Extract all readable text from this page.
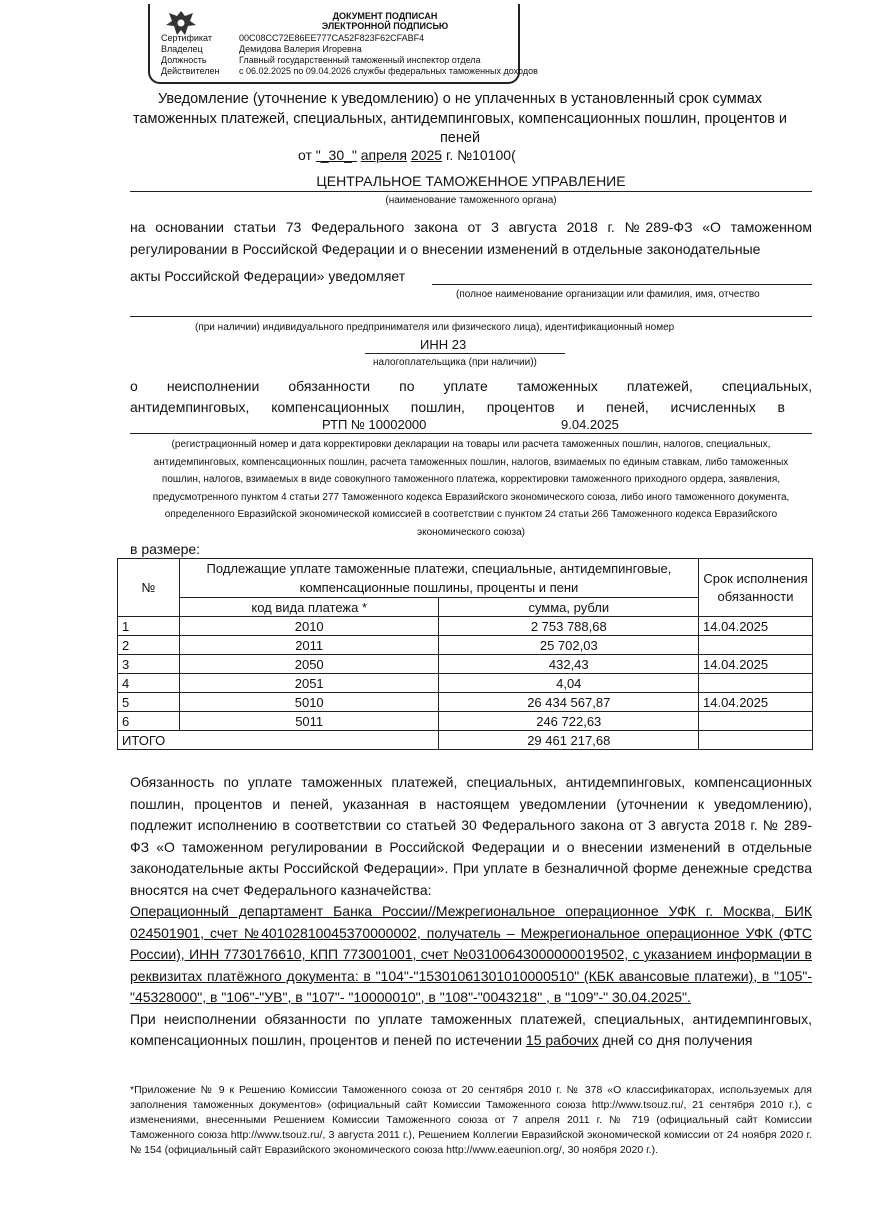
ДОКУМЕНТ ПОДПИСАН
ЭЛЕКТРОННОЙ ПОДПИСЬЮ
Сертификат	00C08CC72E86EE777CA52F823F62CFABF4
Владелец	Демидова Валерия Игоревна
Должность	Главный государственный таможенный инспектор отдела
Действителен с 06.02.2025 по 09.04.2026 службы федеральных таможенных доходов
Уведомление (уточнение к уведомлению) о не уплаченных в установленный срок суммах таможенных платежей, специальных, антидемпинговых, компенсационных пошлин, процентов и пеней
от "_30_" апреля 2025 г. №10100(
ЦЕНТРАЛЬНОЕ ТАМОЖЕННОЕ УПРАВЛЕНИЕ
(наименование таможенного органа)
на основании статьи 73 Федерального закона от 3 августа 2018 г. №289-ФЗ «О таможенном
регулировании в Российской Федерации и о внесении изменений в отдельные законодательные
акты Российской Федерации» уведомляет
(полное наименование организации или фамилия, имя, отчество
(при наличии) индивидуального предпринимателя или физического лица), идентификационный номер
ИНН 23
налогоплательщика (при наличии))
о неисполнении обязанности по уплате таможенных платежей, специальных,
антидемпинговых, компенсационных пошлин, процентов и пеней, исчисленных в
РТП № 10002000	9.04.2025
(регистрационный номер и дата корректировки декларации на товары или расчета таможенных пошлин, налогов, специальных, антидемпинговых, компенсационных пошлин, расчета таможенных пошлин, налогов, взимаемых по единым ставкам, либо таможенных пошлин, налогов, взимаемых в виде совокупного таможенного платежа, корректировки таможенного приходного ордера, заявления, предусмотренного пунктом 4 статьи 277 Таможенного кодекса Евразийского экономического союза, либо иного таможенного документа, определенного Евразийской экономической комиссией в соответствии с пунктом 24 статьи 266 Таможенного кодекса Евразийского экономического союза)
в размере:
№	Подлежащие уплате таможенные платежи, специальные, антидемпинговые, компенсационные пошлины, проценты и пени		Срок исполнения обязанности

	код вида платежа *	сумма, рубли	
1	2010	2 753 788,68	14.04.2025
2	2011	25 702,03	
3	2050	432,43	14.04.2025
4	2051	4,04	
5	5010	26 434 567,87	14.04.2025
6	5011	246 722,63	
ИТОГО		29 461 217,68	
Обязанность по уплате таможенных платежей, специальных, антидемпинговых, компенсационных пошлин, процентов и пеней, указанная в настоящем уведомлении (уточнении к уведомлению), подлежит исполнению в соответствии со статьей 30 Федерального закона от 3 августа 2018 г. № 289-ФЗ «О таможенном регулировании в Российской Федерации и о внесении изменений в отдельные законодательные акты Российской Федерации». При уплате в безналичной форме денежные средства вносятся на счет Федерального казначейства:
Операционный департамент Банка России//Межрегиональное операционное УФК г. Москва, БИК 024501901, счет №40102810045370000002, получатель – Межрегиональное операционное УФК (ФТС России), ИНН 7730176610, КПП 773001001, счет №03100643000000019502, с указанием информации в реквизитах платёжного документа: в "104"-"15301061301010000510" (КБК авансовые платежи), в "105"-"45328000", в "106"-"УВ", в "107"- "10000010", в "108"-"0043218" , в "109"-" 30.04.2025".
При неисполнении обязанности по уплате таможенных платежей, специальных, антидемпинговых, компенсационных пошлин, процентов и пеней по истечении 15 рабочих дней со дня получения
*Приложение № 9 к Решению Комиссии Таможенного союза от 20 сентября 2010 г. № 378 «О классификаторах, используемых для заполнения таможенных документов» (официальный сайт Комиссии Таможенного союза http://www.tsouz.ru/, 21 сентября 2010 г.), с изменениями, внесенными Решением Комиссии Таможенного союза от 7 апреля 2011 г. № 719 (официальный сайт Комиссии Таможенного союза http://www.tsouz.ru/, 3 августа 2011 г.), Решением Коллегии Евразийской экономической комиссии от 24 ноября 2020 г. № 154 (официальный сайт Евразийского экономического союза http://www.eaeunion.org/, 30 ноября 2020 г.).
